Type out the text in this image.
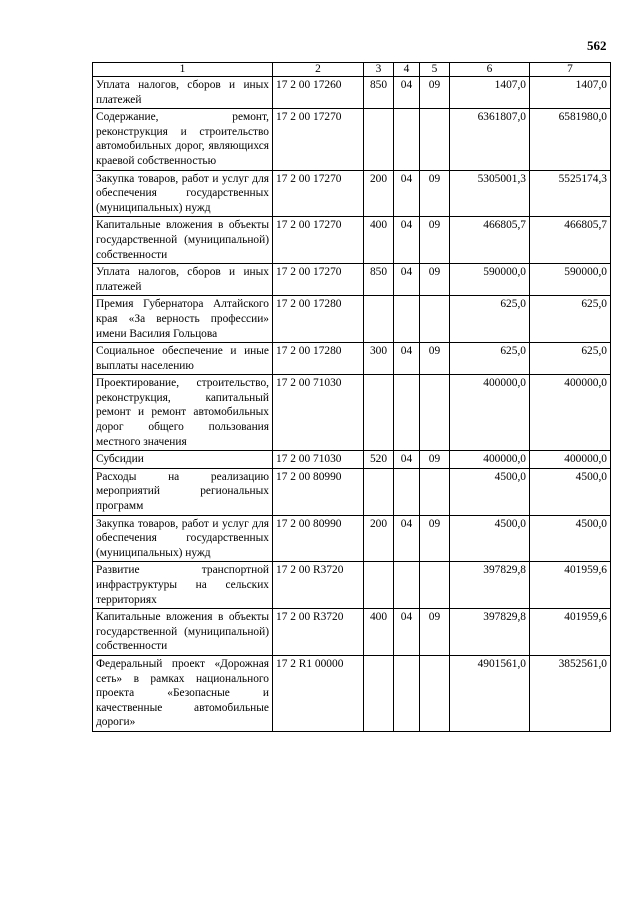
562
1	2	3	4	5	6	7
Уплата налогов, сборов и иных платежей	17 2 00 17260	850	04	09	1407,0	1407,0
Содержание, ремонт, реконструкция и строительство автомобильных дорог, являющихся краевой собственностью	17 2 00 17270				6361807,0	6581980,0
Закупка товаров, работ и услуг для обеспечения государственных (муниципальных) нужд	17 2 00 17270	200	04	09	5305001,3	5525174,3
Капитальные вложения в объекты государственной (муниципальной) собственности	17 2 00 17270	400	04	09	466805,7	466805,7
Уплата налогов, сборов и иных платежей	17 2 00 17270	850	04	09	590000,0	590000,0
Премия Губернатора Алтайского края «За верность профессии» имени Василия Гольцова	17 2 00 17280				625,0	625,0
Социальное обеспечение и иные выплаты населению	17 2 00 17280	300	04	09	625,0	625,0
Проектирование, строительство, реконструкция, капитальный ремонт и ремонт автомобильных дорог общего пользования местного значения	17 2 00 71030				400000,0	400000,0
Субсидии	17 2 00 71030	520	04	09	400000,0	400000,0
Расходы на реализацию мероприятий региональных программ	17 2 00 80990				4500,0	4500,0
Закупка товаров, работ и услуг для обеспечения государственных (муниципальных) нужд	17 2 00 80990	200	04	09	4500,0	4500,0
Развитие транспортной инфраструктуры на сельских территориях	17 2 00 R3720				397829,8	401959,6
Капитальные вложения в объекты государственной (муниципальной) собственности	17 2 00 R3720	400	04	09	397829,8	401959,6
Федеральный проект «Дорожная сеть» в рамках национального проекта «Безопасные и качественные автомобильные дороги»	17 2 R1 00000				4901561,0	3852561,0
